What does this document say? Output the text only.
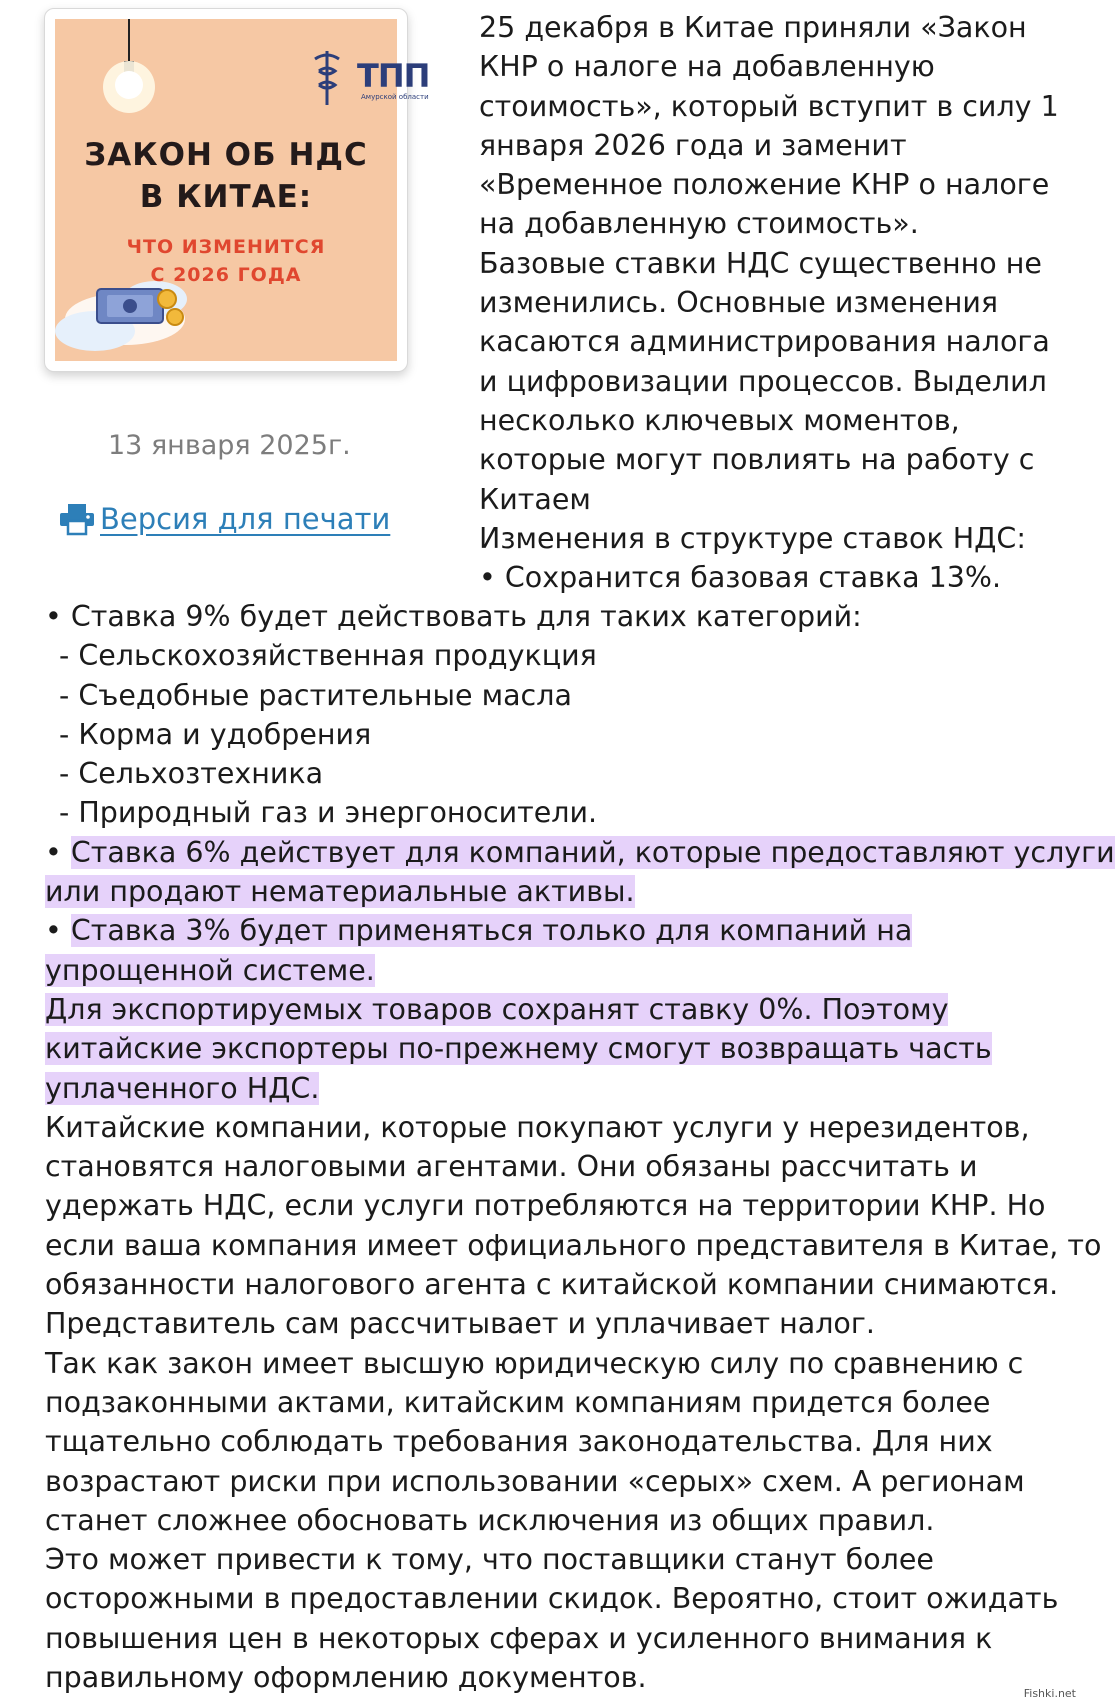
ЗАКОН ОБ НДС
В КИТАЕ:
ЧТО ИЗМЕНИТСЯ
С 2026 ГОДА
ТПП
Амурской области
13 января 2025г.
Версия для печати
25 декабря в Китае приняли «Закон
КНР о налоге на добавленную
стоимость», который вступит в силу 1
января 2026 года и заменит
«Временное положение КНР о налоге
на добавленную стоимость».
Базовые ставки НДС существенно не
изменились. Основные изменения
касаются администрирования налога
и цифровизации процессов. Выделил
несколько ключевых моментов,
которые могут повлиять на работу с
Китаем
Изменения в структуре ставок НДС:
• Сохранится базовая ставка 13%.
• Ставка 9% будет действовать для таких категорий:
- Сельскохозяйственная продукция
- Съедобные растительные масла
- Корма и удобрения
- Сельхозтехника
- Природный газ и энергоносители.
• Ставка 6% действует для компаний, которые предоставляют услуги
или продают нематериальные активы.
• Ставка 3% будет применяться только для компаний на
упрощенной системе.
Для экспортируемых товаров сохранят ставку 0%. Поэтому
китайские экспортеры по-прежнему смогут возвращать часть
уплаченного НДС.
Китайские компании, которые покупают услуги у нерезидентов,
становятся налоговыми агентами. Они обязаны рассчитать и
удержать НДС, если услуги потребляются на территории КНР. Но
если ваша компания имеет официального представителя в Китае, то
обязанности налогового агента с китайской компании снимаются.
Представитель сам рассчитывает и уплачивает налог.
Так как закон имеет высшую юридическую силу по сравнению с
подзаконными актами, китайским компаниям придется более
тщательно соблюдать требования законодательства. Для них
возрастают риски при использовании «серых» схем. А регионам
станет сложнее обосновать исключения из общих правил.
Это может привести к тому, что поставщики станут более
осторожными в предоставлении скидок. Вероятно, стоит ожидать
повышения цен в некоторых сферах и усиленного внимания к
правильному оформлению документов.	Fishki.net
